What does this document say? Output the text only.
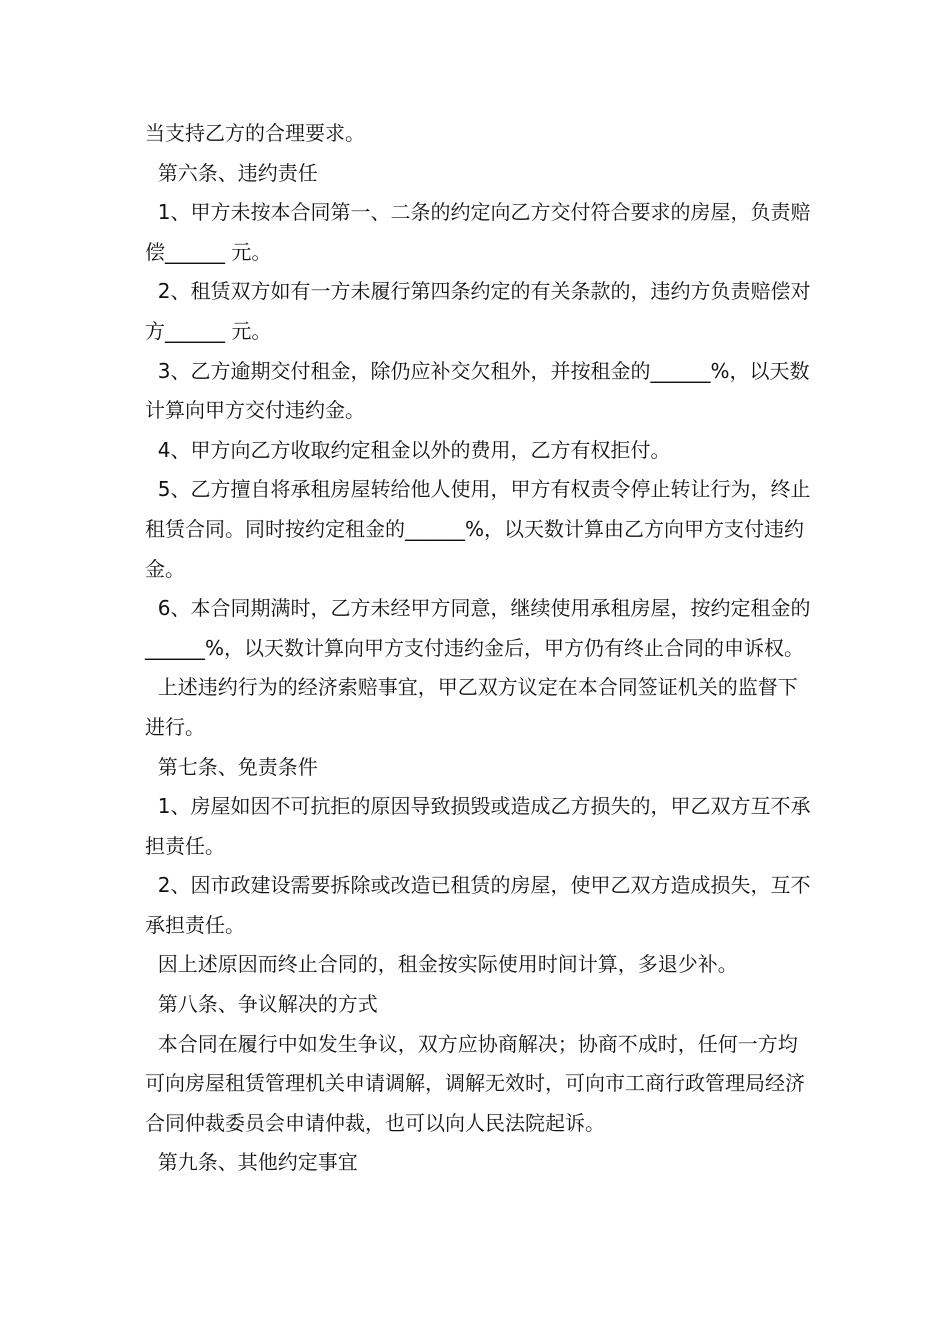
当支持乙方的合理要求。

第六条、违约责任

1、甲方未按本合同第一、二条的约定向乙方交付符合要求的房屋，负责赔偿______ 元。

2、租赁双方如有一方未履行第四条约定的有关条款的，违约方负责赔偿对方______ 元。

3、乙方逾期交付租金，除仍应补交欠租外，并按租金的______%，以天数计算向甲方交付违约金。

4、甲方向乙方收取约定租金以外的费用，乙方有权拒付。

5、乙方擅自将承租房屋转给他人使用，甲方有权责令停止转让行为，终止租赁合同。同时按约定租金的______%，以天数计算由乙方向甲方支付违约金。

6、本合同期满时，乙方未经甲方同意，继续使用承租房屋，按约定租金的______%，以天数计算向甲方支付违约金后，甲方仍有终止合同的申诉权。

上述违约行为的经济索赔事宜，甲乙双方议定在本合同签证机关的监督下进行。

第七条、免责条件

1、房屋如因不可抗拒的原因导致损毁或造成乙方损失的，甲乙双方互不承担责任。

2、因市政建设需要拆除或改造已租赁的房屋，使甲乙双方造成损失，互不承担责任。

因上述原因而终止合同的，租金按实际使用时间计算，多退少补。

第八条、争议解决的方式

本合同在履行中如发生争议，双方应协商解决；协商不成时，任何一方均可向房屋租赁管理机关申请调解，调解无效时，可向市工商行政管理局经济合同仲裁委员会申请仲裁，也可以向人民法院起诉。

第九条、其他约定事宜
